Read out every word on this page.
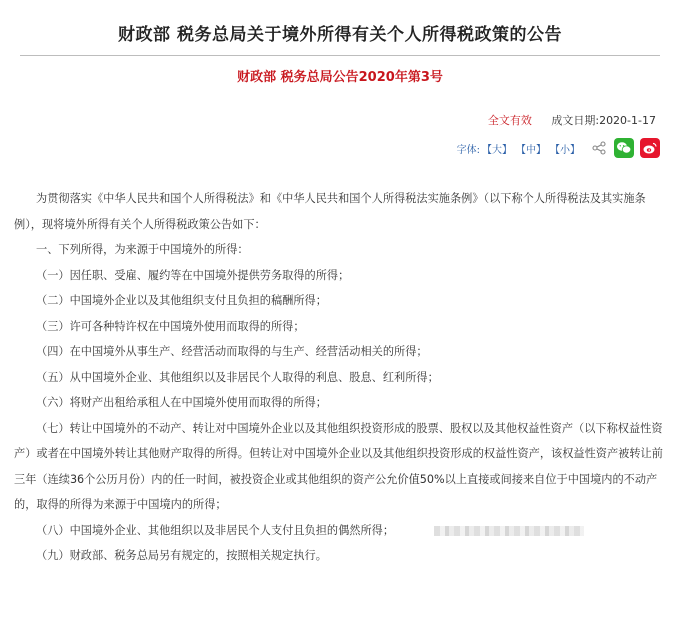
财政部 税务总局关于境外所得有关个人所得税政策的公告
财政部 税务总局公告2020年第3号
全文有效 成文日期:2020-1-17
字体: 【大】 【中】 【小】

为贯彻落实《中华人民共和国个人所得税法》和《中华人民共和国个人所得税法实施条例》（以下称个人所得税法及其实施条例），现将境外所得有关个人所得税政策公告如下：

一、下列所得，为来源于中国境外的所得：

（一）因任职、受雇、履约等在中国境外提供劳务取得的所得；

（二）中国境外企业以及其他组织支付且负担的稿酬所得；

（三）许可各种特许权在中国境外使用而取得的所得；

（四）在中国境外从事生产、经营活动而取得的与生产、经营活动相关的所得；

（五）从中国境外企业、其他组织以及非居民个人取得的利息、股息、红利所得；

（六）将财产出租给承租人在中国境外使用而取得的所得；

（七）转让中国境外的不动产、转让对中国境外企业以及其他组织投资形成的股票、股权以及其他权益性资产（以下称权益性资产）或者在中国境外转让其他财产取得的所得。但转让对中国境外企业以及其他组织投资形成的权益性资产，该权益性资产被转让前三年（连续36个公历月份）内的任一时间，被投资企业或其他组织的资产公允价值50%以上直接或间接来自位于中国境内的不动产的，取得的所得为来源于中国境内的所得；

（八）中国境外企业、其他组织以及非居民个人支付且负担的偶然所得；

（九）财政部、税务总局另有规定的，按照相关规定执行。
